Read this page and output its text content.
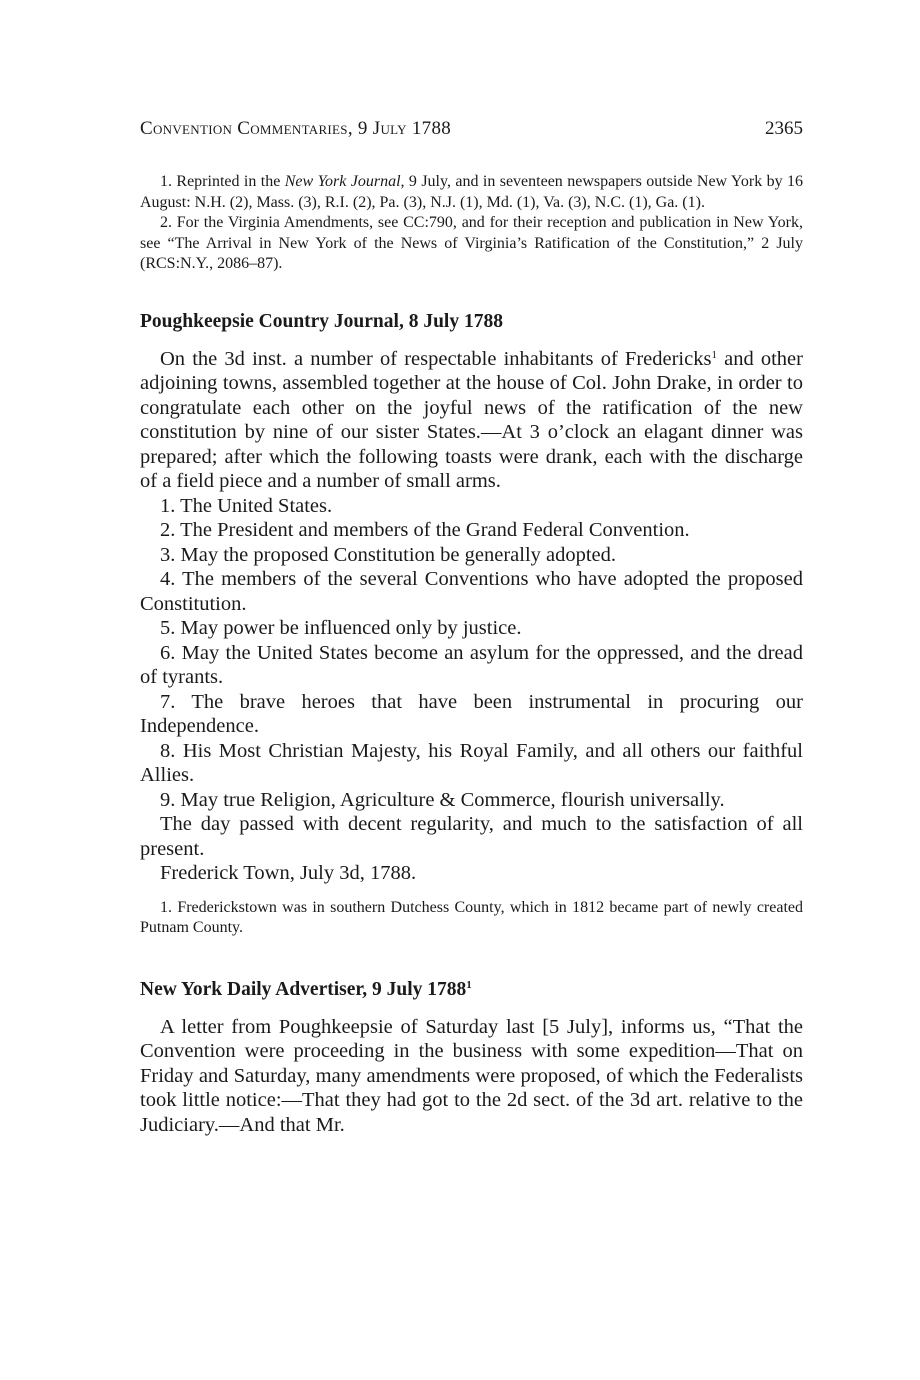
Convention Commentaries, 9 July 1788	2365

1. Reprinted in the New York Journal, 9 July, and in seventeen newspapers outside New York by 16 August: N.H. (2), Mass. (3), R.I. (2), Pa. (3), N.J. (1), Md. (1), Va. (3), N.C. (1), Ga. (1).

2. For the Virginia Amendments, see CC:790, and for their reception and publication in New York, see “The Arrival in New York of the News of Virginia’s Ratification of the Constitution,” 2 July (RCS:N.Y., 2086–87).

Poughkeepsie Country Journal, 8 July 1788

On the 3d inst. a number of respectable inhabitants of Fredericks$^1$ and other adjoining towns, assembled together at the house of Col. John Drake, in order to congratulate each other on the joyful news of the ratification of the new constitution by nine of our sister States.—At 3 o’clock an elagant dinner was prepared; after which the following toasts were drank, each with the discharge of a field piece and a number of small arms.

1. The United States.

2. The President and members of the Grand Federal Convention.

3. May the proposed Constitution be generally adopted.

4. The members of the several Conventions who have adopted the proposed Constitution.

5. May power be influenced only by justice.

6. May the United States become an asylum for the oppressed, and the dread of tyrants.

7. The brave heroes that have been instrumental in procuring our Independence.

8. His Most Christian Majesty, his Royal Family, and all others our faithful Allies.

9. May true Religion, Agriculture & Commerce, flourish universally.

The day passed with decent regularity, and much to the satisfaction of all present.

Frederick Town, July 3d, 1788.

1. Frederickstown was in southern Dutchess County, which in 1812 became part of newly created Putnam County.

New York Daily Advertiser, 9 July 1788$^1$

A letter from Poughkeepsie of Saturday last [5 July], informs us, “That the Convention were proceeding in the business with some expedition—That on Friday and Saturday, many amendments were proposed, of which the Federalists took little notice:—That they had got to the 2d sect. of the 3d art. relative to the Judiciary.—And that Mr.
